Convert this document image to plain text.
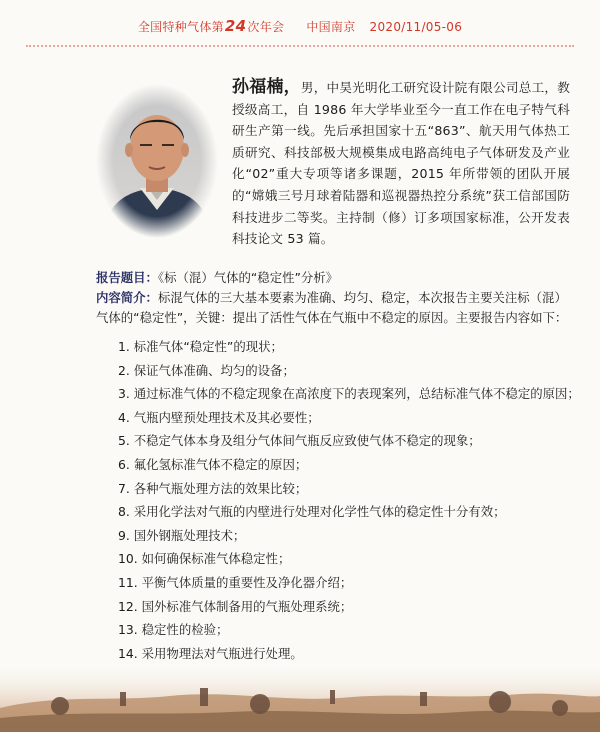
全国特种气体第24次年会 中国南京 2020/11/05-06
孙福楠，男，中昊光明化工研究设计院有限公司总工，教授级高工，自 1986 年大学毕业至今一直工作在电子特气科研生产第一线。先后承担国家十五“863”、航天用气体热工质研究、科技部极大规模集成电路高纯电子气体研发及产业化“02”重大专项等诸多课题，2015 年所带领的团队开展的“嫦娥三号月球着陆器和巡视器热控分系统”获工信部国防科技进步二等奖。主持制（修）订多项国家标准，公开发表科技论文 53 篇。

报告题目：《标（混）气体的“稳定性”分析》

内容简介：标混气体的三大基本要素为准确、均匀、稳定，本次报告主要关注标（混）气体的“稳定性”，关键：提出了活性气体在气瓶中不稳定的原因。主要报告内容如下：

1. 标准气体“稳定性”的现状；
2. 保证气体准确、均匀的设备；
3. 通过标准气体的不稳定现象在高浓度下的表现案列，总结标准气体不稳定的原因；
4. 气瓶内壁预处理技术及其必要性；
5. 不稳定气体本身及组分气体间气瓶反应致使气体不稳定的现象；
6. 氟化氢标准气体不稳定的原因；
7. 各种气瓶处理方法的效果比较；
8. 采用化学法对气瓶的内壁进行处理对化学性气体的稳定性十分有效；
9. 国外钢瓶处理技术；
10. 如何确保标准气体稳定性；
11. 平衡气体质量的重要性及净化器介绍；
12. 国外标准气体制备用的气瓶处理系统；
13. 稳定性的检验；
14. 采用物理法对气瓶进行处理。
